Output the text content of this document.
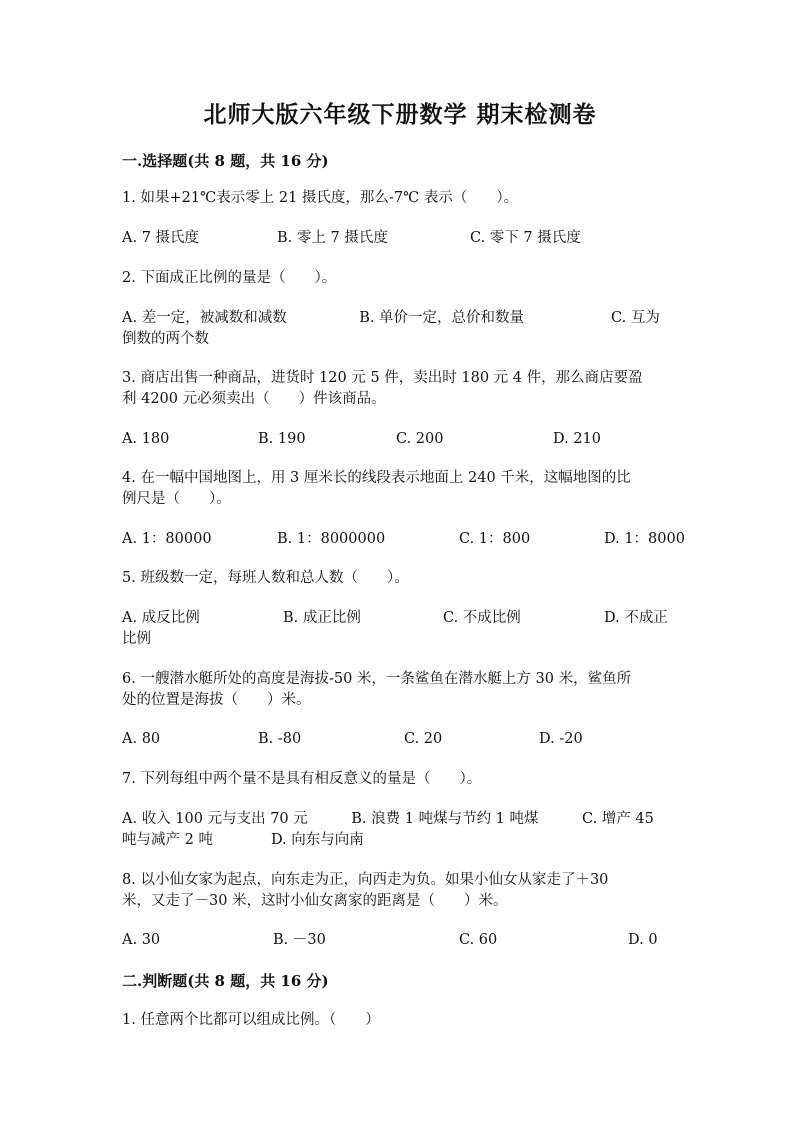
北师大版六年级下册数学 期末检测卷
一.选择题(共 8 题，共 16 分)
1. 如果+21℃表示零上 21 摄氏度，那么-7℃ 表示（　　）。
A. 7 摄氏度	B. 零上 7 摄氏度	C. 零下 7 摄氏度
2. 下面成正比例的量是（　　）。
A. 差一定，被减数和减数　　　　　B. 单价一定，总价和数量　　　　　　C. 互为
倒数的两个数
3. 商店出售一种商品，进货时 120 元 5 件，卖出时 180 元 4 件，那么商店要盈
利 4200 元必须卖出（　　）件该商品。
A. 180	B. 190	C. 200	D. 210
4. 在一幅中国地图上，用 3 厘米长的线段表示地面上 240 千米，这幅地图的比
例尺是（　　）。
A. 1：80000	B. 1：8000000	C. 1：800	D. 1：8000
5. 班级数一定，每班人数和总人数（　　）。
A. 成反比例	B. 成正比例	C. 不成比例	D. 不成正
比例
6. 一艘潜水艇所处的高度是海拔-50 米，一条鲨鱼在潜水艇上方 30 米，鲨鱼所
处的位置是海拔（　　）米。
A. 80	B. -80	C. 20	D. -20
7. 下列每组中两个量不是具有相反意义的量是（　　）。
A. 收入 100 元与支出 70 元　　　B. 浪费 1 吨煤与节约 1 吨煤　　　C. 增产 45
吨与减产 2 吨　　　　D. 向东与向南
8. 以小仙女家为起点，向东走为正，向西走为负。如果小仙女从家走了＋30
米，又走了－30 米，这时小仙女离家的距离是（　　）米。
A. 30	B. －30	C. 60	D. 0
二.判断题(共 8 题，共 16 分)
1. 任意两个比都可以组成比例。（　　）
